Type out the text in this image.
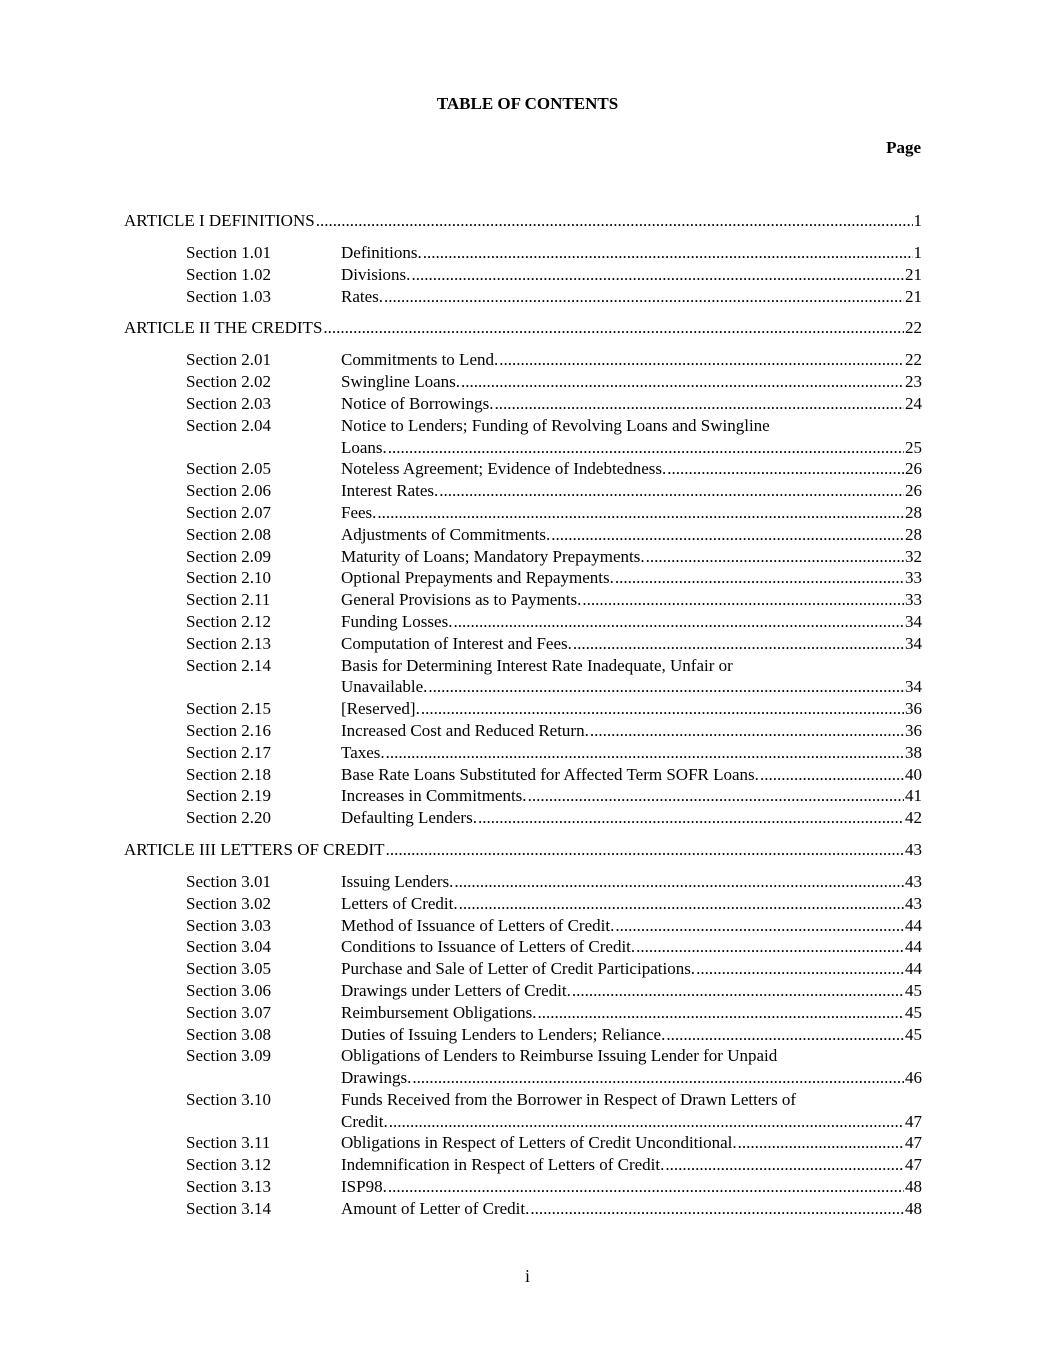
TABLE OF CONTENTS
Page
ARTICLE I DEFINITIONS .....	1
Section 1.01	Definitions. .....	1
Section 1.02	Divisions. .....	21
Section 1.03	Rates. .....	21
ARTICLE II THE CREDITS .....	22
Section 2.01	Commitments to Lend. .....	22
Section 2.02	Swingline Loans. .....	23
Section 2.03	Notice of Borrowings. .....	24
Section 2.04	Notice to Lenders; Funding of Revolving Loans and Swingline
Loans. .....	25
Section 2.05	Noteless Agreement; Evidence of Indebtedness. .....	26
Section 2.06	Interest Rates. .....	26
Section 2.07	Fees. .....	28
Section 2.08	Adjustments of Commitments. .....	28
Section 2.09	Maturity of Loans; Mandatory Prepayments. .....	32
Section 2.10	Optional Prepayments and Repayments. .....	33
Section 2.11	General Provisions as to Payments. .....	33
Section 2.12	Funding Losses. .....	34
Section 2.13	Computation of Interest and Fees. .....	34
Section 2.14	Basis for Determining Interest Rate Inadequate, Unfair or
Unavailable. .....	34
Section 2.15	[Reserved]. .....	36
Section 2.16	Increased Cost and Reduced Return. .....	36
Section 2.17	Taxes. .....	38
Section 2.18	Base Rate Loans Substituted for Affected Term SOFR Loans. .....	40
Section 2.19	Increases in Commitments. .....	41
Section 2.20	Defaulting Lenders. .....	42
ARTICLE III LETTERS OF CREDIT .....	43
Section 3.01	Issuing Lenders. .....	43
Section 3.02	Letters of Credit. .....	43
Section 3.03	Method of Issuance of Letters of Credit. .....	44
Section 3.04	Conditions to Issuance of Letters of Credit. .....	44
Section 3.05	Purchase and Sale of Letter of Credit Participations. .....	44
Section 3.06	Drawings under Letters of Credit. .....	45
Section 3.07	Reimbursement Obligations. .....	45
Section 3.08	Duties of Issuing Lenders to Lenders; Reliance. .....	45
Section 3.09	Obligations of Lenders to Reimburse Issuing Lender for Unpaid
Drawings. .....	46
Section 3.10	Funds Received from the Borrower in Respect of Drawn Letters of
Credit. .....	47
Section 3.11	Obligations in Respect of Letters of Credit Unconditional. .....	47
Section 3.12	Indemnification in Respect of Letters of Credit. .....	47
Section 3.13	ISP98. .....	48
Section 3.14	Amount of Letter of Credit. .....	48
i
